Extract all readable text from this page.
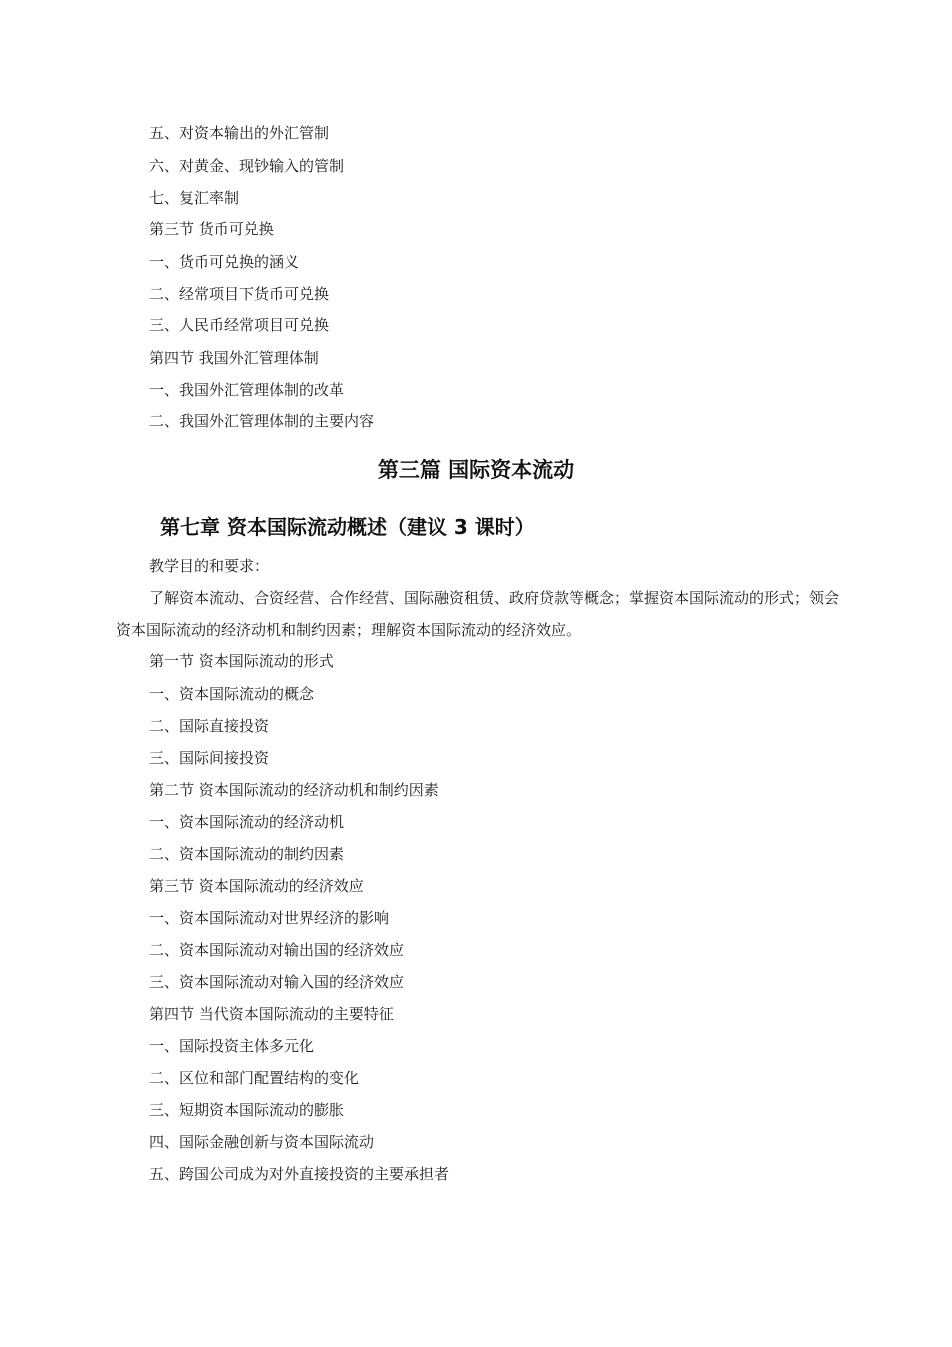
五、对资本输出的外汇管制
六、对黄金、现钞输入的管制
七、复汇率制
第三节 货币可兑换
一、货币可兑换的涵义
二、经常项目下货币可兑换
三、人民币经常项目可兑换
第四节 我国外汇管理体制
一、我国外汇管理体制的改革
二、我国外汇管理体制的主要内容
第三篇 国际资本流动
第七章 资本国际流动概述（建议 3 课时）
教学目的和要求：
了解资本流动、合资经营、合作经营、国际融资租赁、政府贷款等概念；掌握资本国际流动的形式；领会资本国际流动的经济动机和制约因素；理解资本国际流动的经济效应。
第一节 资本国际流动的形式
一、资本国际流动的概念
二、国际直接投资
三、国际间接投资
第二节 资本国际流动的经济动机和制约因素
一、资本国际流动的经济动机
二、资本国际流动的制约因素
第三节 资本国际流动的经济效应
一、资本国际流动对世界经济的影响
二、资本国际流动对输出国的经济效应
三、资本国际流动对输入国的经济效应
第四节 当代资本国际流动的主要特征
一、国际投资主体多元化
二、区位和部门配置结构的变化
三、短期资本国际流动的膨胀
四、国际金融创新与资本国际流动
五、跨国公司成为对外直接投资的主要承担者
